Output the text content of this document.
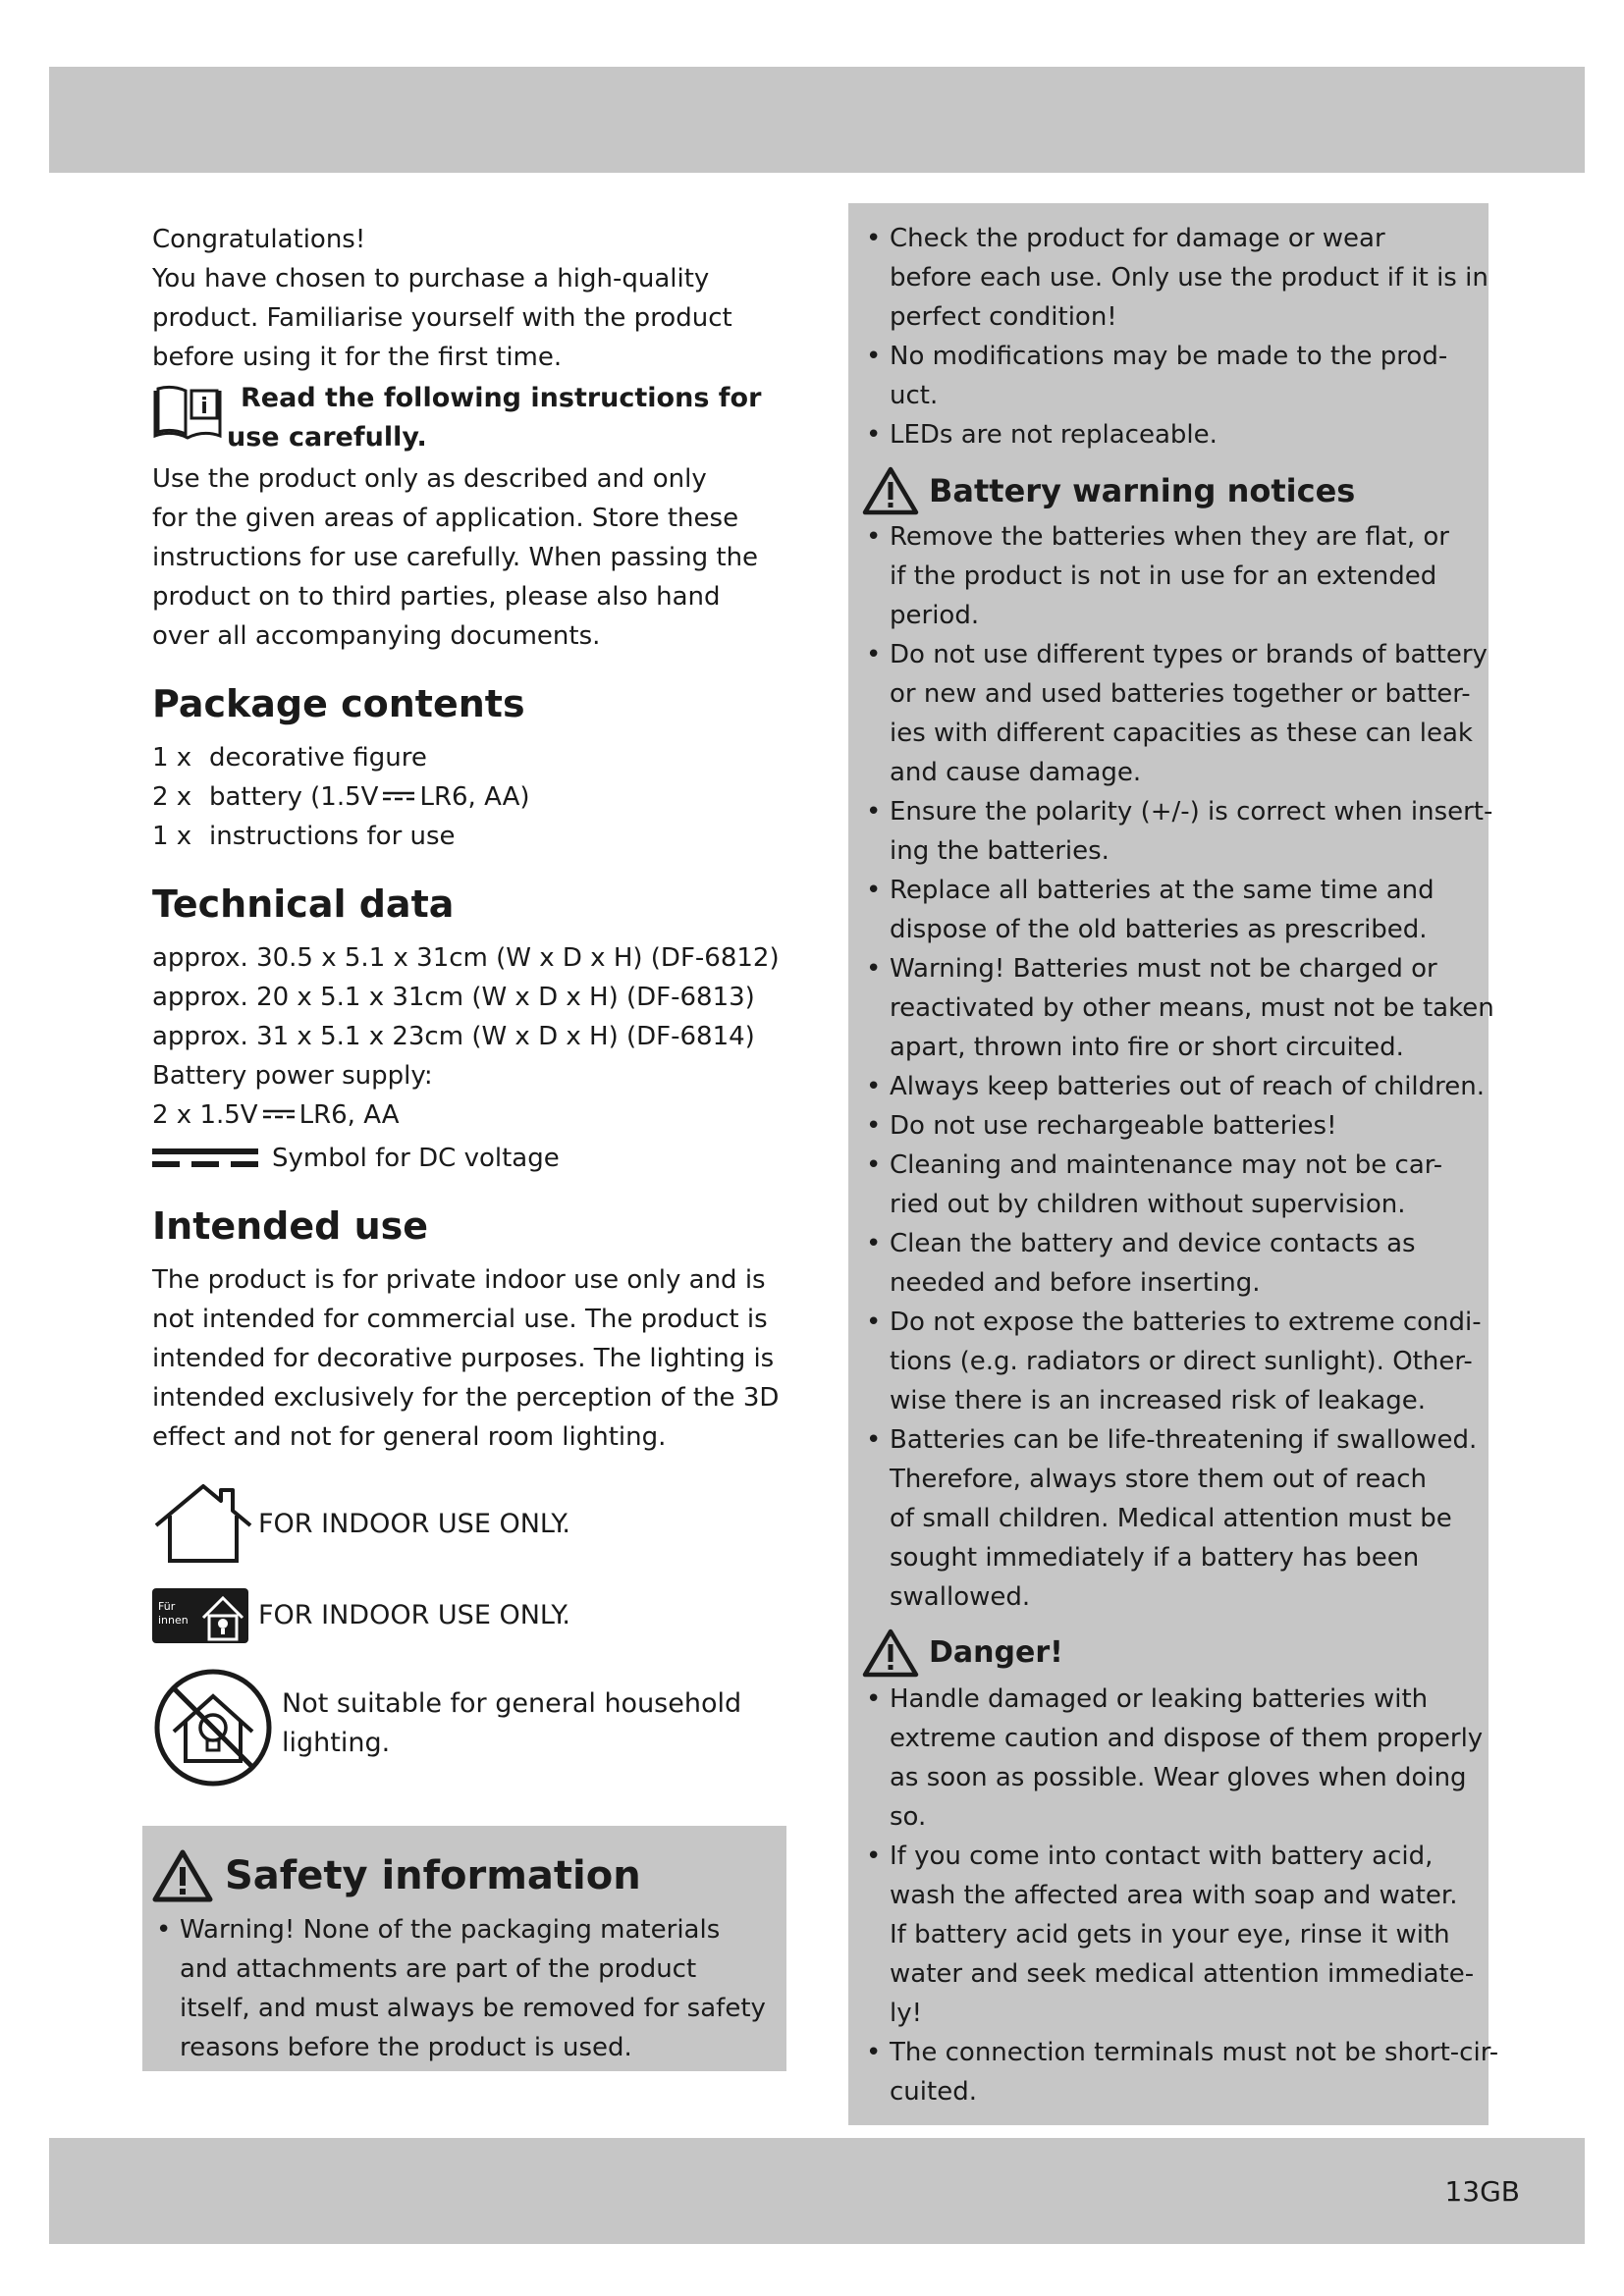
Congratulations!

You have chosen to purchase a high-quality

product. Familiarise yourself with the product

before using it for the first time.

i	Read the following instructions for
use carefully.

Use the product only as described and only

for the given areas of application. Store these

instructions for use carefully. When passing the

product on to third parties, please also hand

over all accompanying documents.

Package contents
1 x decorative figure
2 x battery (1.5V LR6, AA)
1 x instructions for use
Technical data

approx. 30.5 x 5.1 x 31cm (W x D x H) (DF-6812)

approx. 20 x 5.1 x 31cm (W x D x H) (DF-6813)

approx. 31 x 5.1 x 23cm (W x D x H) (DF-6814)

Battery power supply:

2 x 1.5V LR6, AA

Symbol for DC voltage
Intended use

The product is for private indoor use only and is

not intended for commercial use. The product is

intended for decorative purposes. The lighting is

intended exclusively for the perception of the 3D

effect and not for general room lighting.

FOR INDOOR USE ONLY.
Für
innen	FOR INDOOR USE ONLY.
Not suitable for general household
lighting.
Safety information
• Warning! None of the packaging materials
and attachments are part of the product
itself, and must always be removed for safety
reasons before the product is used.
• Check the product for damage or wear
before each use. Only use the product if it is in
perfect condition!
• No modifications may be made to the prod-
uct.
• LEDs are not replaceable.
Battery warning notices
• Remove the batteries when they are flat, or
if the product is not in use for an extended
period.
• Do not use different types or brands of battery
or new and used batteries together or batter-
ies with different capacities as these can leak
and cause damage.
• Ensure the polarity (+/-) is correct when insert-
ing the batteries.
• Replace all batteries at the same time and
dispose of the old batteries as prescribed.
• Warning! Batteries must not be charged or
reactivated by other means, must not be taken
apart, thrown into fire or short circuited.
• Always keep batteries out of reach of children.
• Do not use rechargeable batteries!
• Cleaning and maintenance may not be car-
ried out by children without supervision.
• Clean the battery and device contacts as
needed and before inserting.
• Do not expose the batteries to extreme condi-
tions (e.g. radiators or direct sunlight). Other-
wise there is an increased risk of leakage.
• Batteries can be life-threatening if swallowed.
Therefore, always store them out of reach
of small children. Medical attention must be
sought immediately if a battery has been
swallowed.
Danger!
• Handle damaged or leaking batteries with
extreme caution and dispose of them properly
as soon as possible. Wear gloves when doing
so.
• If you come into contact with battery acid,
wash the affected area with soap and water.
If battery acid gets in your eye, rinse it with
water and seek medical attention immediate-
ly!
• The connection terminals must not be short-cir-
cuited.
13GB
